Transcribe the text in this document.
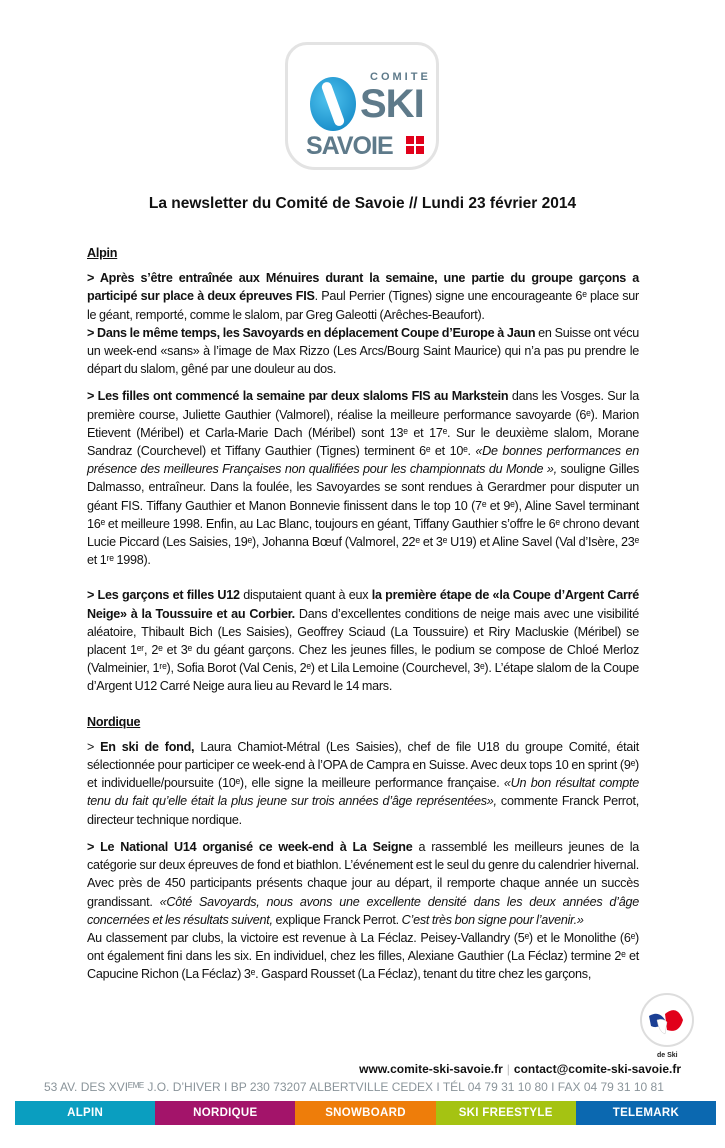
COMITE
SKI
SAVOIE
La newsletter du Comité de Savoie // Lundi 23 février 2014

Alpin

> Après s’être entraînée aux Ménuires durant la semaine, une partie du groupe garçons a participé sur place à deux épreuves FIS. Paul Perrier (Tignes) signe une encourageante 6ᵉ place sur le géant, remporté, comme le slalom, par Greg Galeotti (Arêches-Beaufort).

> Dans le même temps, les Savoyards en déplacement Coupe d’Europe à Jaun en Suisse ont vécu un week-end «sans» à l’image de Max Rizzo (Les Arcs/Bourg Saint Maurice) qui n’a pas pu prendre le départ du slalom, gêné par une douleur au dos.

> Les filles ont commencé la semaine par deux slaloms FIS au Markstein dans les Vosges. Sur la première course, Juliette Gauthier (Valmorel), réalise la meilleure performance savoyarde (6ᵉ). Marion Etievent (Méribel) et Carla-Marie Dach (Méribel) sont 13ᵉ et 17ᵉ. Sur le deuxième slalom, Morane Sandraz (Courchevel) et Tiffany Gauthier (Tignes) terminent 6ᵉ et 10ᵉ. «De bonnes performances en présence des meilleures Françaises non qualifiées pour les championnats du Monde », souligne Gilles Dalmasso, entraîneur. Dans la foulée, les Savoyardes se sont rendues à Gerardmer pour disputer un géant FIS. Tiffany Gauthier et Manon Bonnevie finissent dans le top 10 (7ᵉ et 9ᵉ), Aline Savel terminant 16ᵉ et meilleure 1998. Enfin, au Lac Blanc, toujours en géant, Tiffany Gauthier s’offre le 6ᵉ chrono devant Lucie Piccard (Les Saisies, 19ᵉ), Johanna Bœuf (Valmorel, 22ᵉ et 3ᵉ U19) et Aline Savel (Val d’Isère, 23ᵉ et 1ʳᵉ 1998).

> Les garçons et filles U12 disputaient quant à eux la première étape de «la Coupe d’Argent Carré Neige» à la Toussuire et au Corbier. Dans d’excellentes conditions de neige mais avec une visibilité aléatoire, Thibault Bich (Les Saisies), Geoffrey Sciaud (La Toussuire) et Riry Macluskie (Méribel) se placent 1ᵉʳ, 2ᵉ et 3ᵉ du géant garçons. Chez les jeunes filles, le podium se compose de Chloé Merloz (Valmeinier, 1ʳᵉ), Sofia Borot (Val Cenis, 2ᵉ) et Lila Lemoine (Courchevel, 3ᵉ). L’étape slalom de la Coupe d’Argent U12 Carré Neige aura lieu au Revard le 14 mars.

Nordique

> En ski de fond, Laura Chamiot-Métral (Les Saisies), chef de file U18 du groupe Comité, était sélectionnée pour participer ce week-end à l’OPA de Campra en Suisse. Avec deux tops 10 en sprint (9ᵉ) et individuelle/poursuite (10ᵉ), elle signe la meilleure performance française. «Un bon résultat compte tenu du fait qu’elle était la plus jeune sur trois années d’âge représentées», commente Franck Perrot, directeur technique nordique.

> Le National U14 organisé ce week-end à La Seigne a rassemblé les meilleurs jeunes de la catégorie sur deux épreuves de fond et biathlon. L’événement est le seul du genre du calendrier hivernal. Avec près de 450 participants présents chaque jour au départ, il remporte chaque année un succès grandissant. «Côté Savoyards, nous avons une excellente densité dans les deux années d’âge concernées et les résultats suivent, explique Franck Perrot. C’est très bon signe pour l’avenir.»

Au classement par clubs, la victoire est revenue à La Féclaz. Peisey-Vallandry (5ᵉ) et le Monolithe (6ᵉ) ont également fini dans les six. En individuel, chez les filles, Alexiane Gauthier (La Féclaz) termine 2ᵉ et Capucine Richon (La Féclaz) 3ᵉ. Gaspard Rousset (La Féclaz), tenant du titre chez les garçons,

de Ski
www.comite-ski-savoie.fr | contact@comite-ski-savoie.fr
53 AV. DES XVIᴱᴹᴱ J.O. D’HIVER I BP 230 73207 ALBERTVILLE CEDEX I TÉL 04 79 31 10 80 I FAX 04 79 31 10 81
ALPIN	NORDIQUE	SNOWBOARD	SKI FREESTYLE	TELEMARK
